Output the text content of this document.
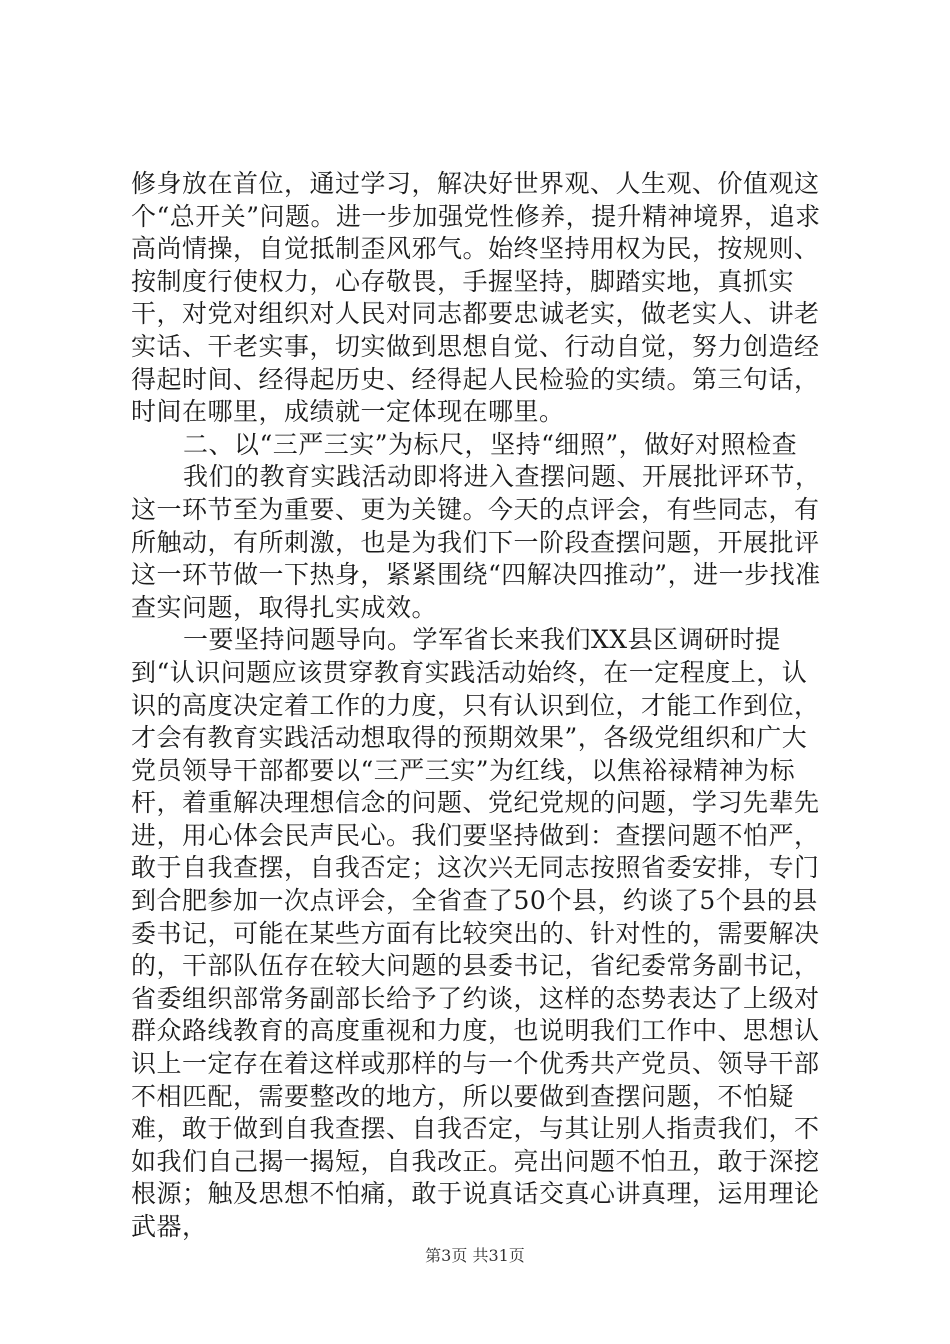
修身放在首位，通过学习，解决好世界观、人生观、价值观这个“总开关”问题。进一步加强党性修养，提升精神境界，追求高尚情操，自觉抵制歪风邪气。始终坚持用权为民，按规则、按制度行使权力，心存敬畏，手握坚持，脚踏实地，真抓实干，对党对组织对人民对同志都要忠诚老实，做老实人、讲老实话、干老实事，切实做到思想自觉、行动自觉，努力创造经得起时间、经得起历史、经得起人民检验的实绩。第三句话，时间在哪里，成绩就一定体现在哪里。

二、以“三严三实”为标尺，坚持“细照”，做好对照检查

我们的教育实践活动即将进入查摆问题、开展批评环节，这一环节至为重要、更为关键。今天的点评会，有些同志，有所触动，有所刺激，也是为我们下一阶段查摆问题，开展批评这一环节做一下热身，紧紧围绕“四解决四推动”，进一步找准查实问题，取得扎实成效。

一要坚持问题导向。学军省长来我们XX县区调研时提到“认识问题应该贯穿教育实践活动始终，在一定程度上，认识的高度决定着工作的力度，只有认识到位，才能工作到位，才会有教育实践活动想取得的预期效果”，各级党组织和广大党员领导干部都要以“三严三实”为红线，以焦裕禄精神为标杆，着重解决理想信念的问题、党纪党规的问题，学习先辈先进，用心体会民声民心。我们要坚持做到：查摆问题不怕严，敢于自我查摆，自我否定；这次兴无同志按照省委安排，专门到合肥参加一次点评会，全省查了50个县，约谈了5个县的县委书记，可能在某些方面有比较突出的、针对性的，需要解决的，干部队伍存在较大问题的县委书记，省纪委常务副书记，省委组织部常务副部长给予了约谈，这样的态势表达了上级对群众路线教育的高度重视和力度，也说明我们工作中、思想认识上一定存在着这样或那样的与一个优秀共产党员、领导干部不相匹配，需要整改的地方，所以要做到查摆问题，不怕疑难，敢于做到自我查摆、自我否定，与其让别人指责我们，不如我们自己揭一揭短，自我改正。亮出问题不怕丑，敢于深挖根源；触及思想不怕痛，敢于说真话交真心讲真理，运用理论武器，

第3页 共31页
